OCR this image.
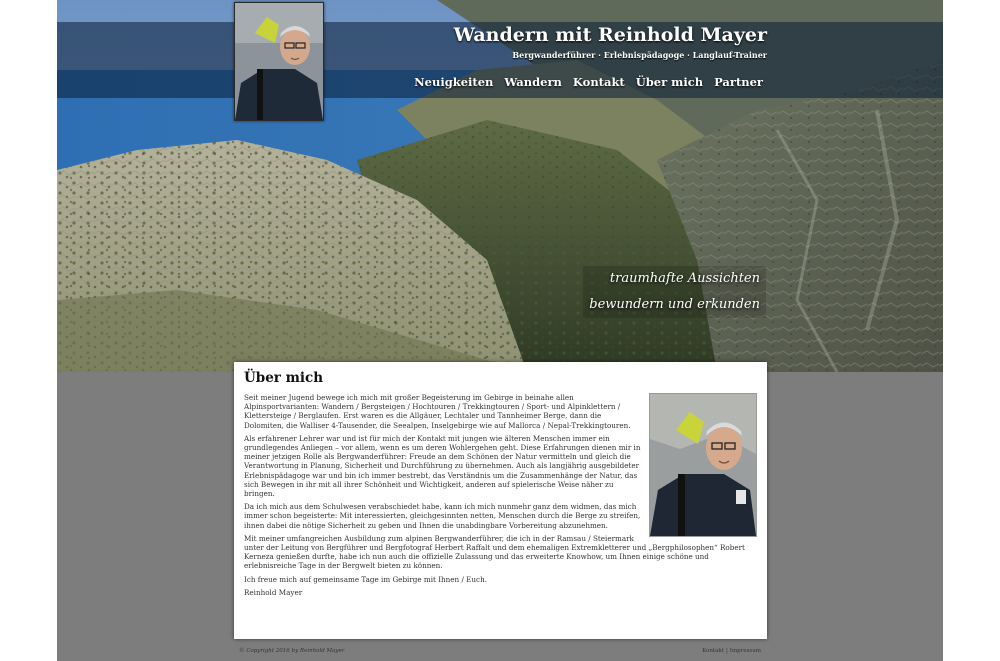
Wandern mit Reinhold Mayer
Bergwanderführer · Erlebnispädagoge · Langlauf-Trainer
Neuigkeiten Wandern Kontakt Über mich Partner
traumhafte Aussichten
bewundern und erkunden
Über mich

Seit meiner Jugend bewege ich mich mit großer Begeisterung im Gebirge in beinahe allen Alpinsportvarianten: Wandern / Bergsteigen / Hochtouren / Trekkingtouren / Sport- und Alpinklettern / Klettersteige / Berglaufen. Erst waren es die Allgäuer, Lechtaler und Tannheimer Berge, dann die Dolomiten, die Walliser 4-Tausender, die Seealpen, Inselgebirge wie auf Mallorca / Nepal-Trekkingtouren.

Als erfahrener Lehrer war und ist für mich der Kontakt mit jungen wie älteren Menschen immer ein grundlegendes Anliegen – vor allem, wenn es um deren Wohlergehen geht. Diese Erfahrungen dienen mir in meiner jetzigen Rolle als Bergwanderführer: Freude an dem Schönen der Natur vermitteln und gleich die Verantwortung in Planung, Sicherheit und Durchführung zu übernehmen. Auch als langjährig ausgebildeter Erlebnispädagoge war und bin ich immer bestrebt, das Verständnis um die Zusammenhänge der Natur, das sich Bewegen in ihr mit all ihrer Schönheit und Wichtigkeit, anderen auf spielerische Weise näher zu bringen.

Da ich mich aus dem Schulwesen verabschiedet habe, kann ich mich nunmehr ganz dem widmen, das mich immer schon begeisterte: Mit interessierten, gleichgesinnten netten, Menschen durch die Berge zu streifen, ihnen dabei die nötige Sicherheit zu geben und Ihnen die unabdingbare Vorbereitung abzunehmen.

Mit meiner umfangreichen Ausbildung zum alpinen Bergwanderführer, die ich in der Ramsau / Steiermark unter der Leitung von Bergführer und Bergfotograf Herbert Raffalt und dem ehemaligen Extremkletterer und „Bergphilosophen“ Robert Kerneza genießen durfte, habe ich nun auch die offizielle Zulassung und das erweiterte Knowhow, um Ihnen einige schöne und erlebnisreiche Tage in der Bergwelt bieten zu können.

Ich freue mich auf gemeinsame Tage im Gebirge mit Ihnen / Euch.

Reinhold Mayer

© Copyright 2016 by Reinhold Mayer	Kontakt | Impressum
